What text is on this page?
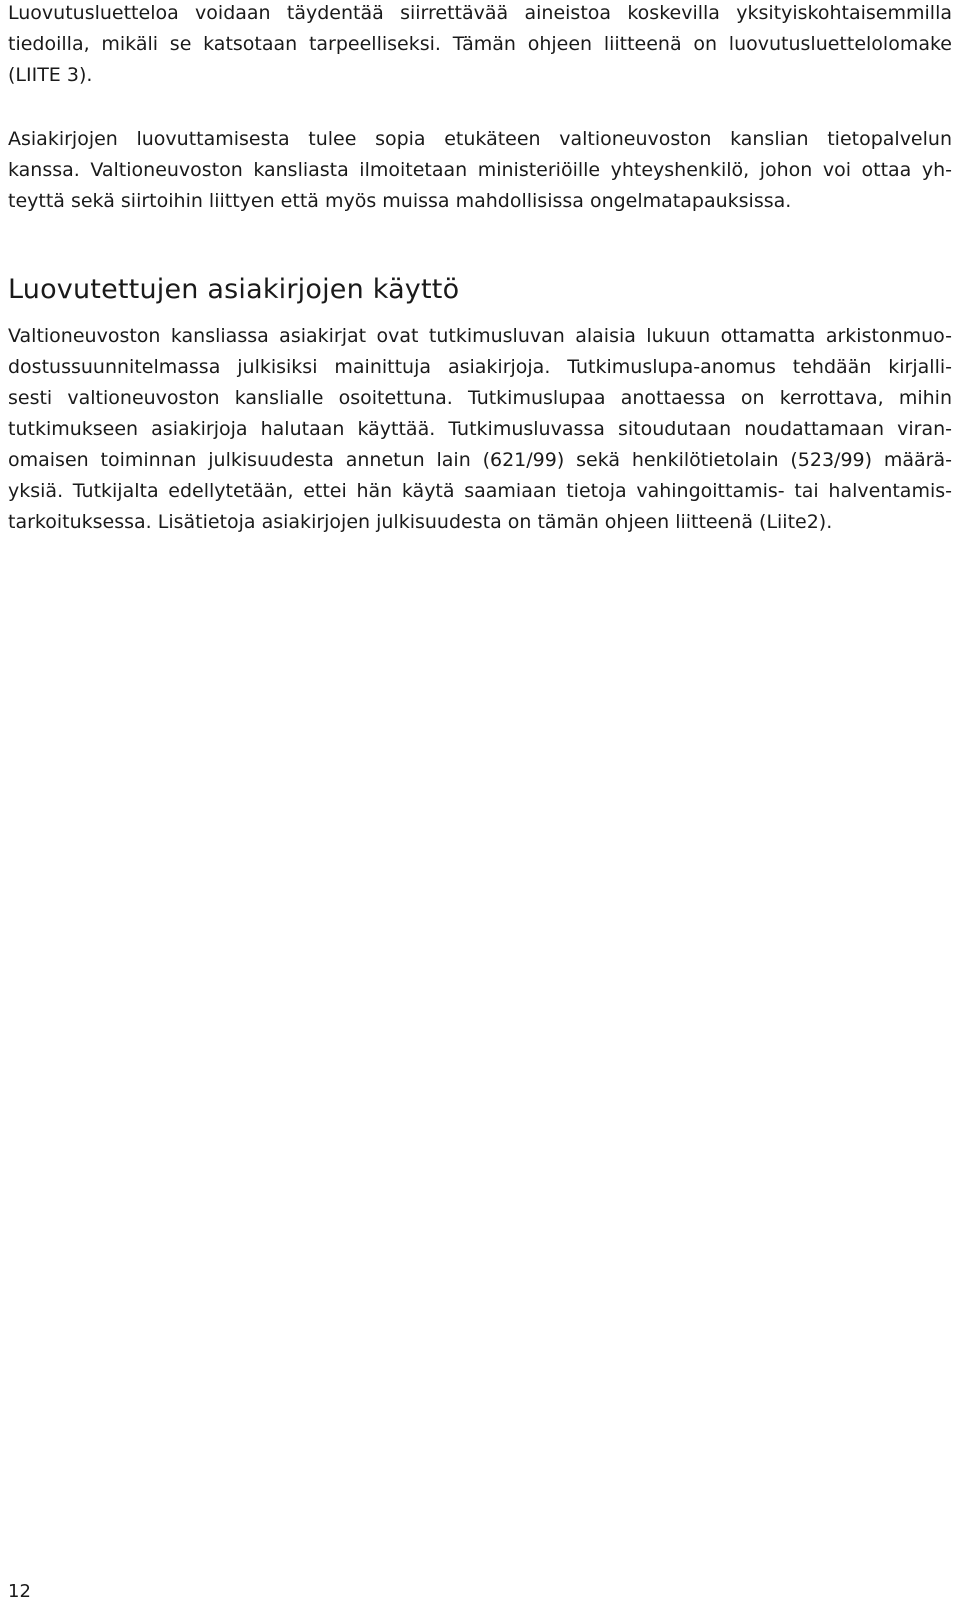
Luovutusluetteloa voidaan täydentää siirrettävää aineistoa koskevilla yksityiskohtaisemmilla
tiedoilla, mikäli se katsotaan tarpeelliseksi. Tämän ohjeen liitteenä on luovutusluettelolomake
(LIITE 3).

Asiakirjojen luovuttamisesta tulee sopia etukäteen valtioneuvoston kanslian tietopalvelun
kanssa. Valtioneuvoston kansliasta ilmoitetaan ministeriöille yhteyshenkilö, johon voi ottaa yh-
teyttä sekä siirtoihin liittyen että myös muissa mahdollisissa ongelmatapauksissa.

Luovutettujen asiakirjojen käyttö

Valtioneuvoston kansliassa asiakirjat ovat tutkimusluvan alaisia lukuun ottamatta arkistonmuo-
dostussuunnitelmassa julkisiksi mainittuja asiakirjoja. Tutkimuslupa-anomus tehdään kirjalli-
sesti valtioneuvoston kanslialle osoitettuna. Tutkimuslupaa anottaessa on kerrottava, mihin
tutkimukseen asiakirjoja halutaan käyttää. Tutkimusluvassa sitoudutaan noudattamaan viran-
omaisen toiminnan julkisuudesta annetun lain (621/99) sekä henkilötietolain (523/99) määrä-
yksiä. Tutkijalta edellytetään, ettei hän käytä saamiaan tietoja vahingoittamis- tai halventamis-
tarkoituksessa. Lisätietoja asiakirjojen julkisuudesta on tämän ohjeen liitteenä (Liite2).

12
